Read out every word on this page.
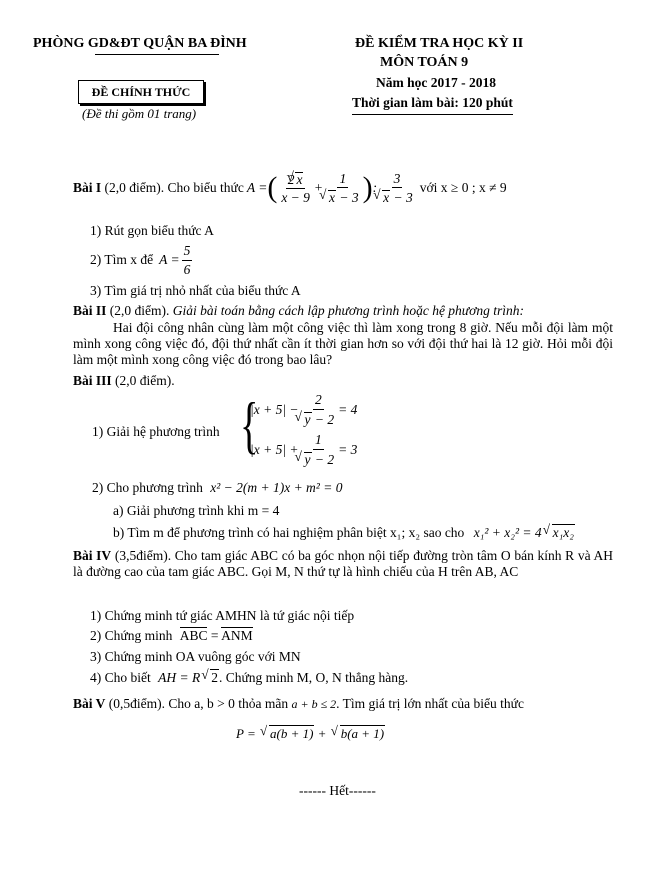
PHÒNG GD&ĐT QUẬN BA ĐÌNH
ĐỀ CHÍNH THỨC
(Đề thi gồm 01 trang)
ĐỀ KIỂM TRA HỌC KỲ II
MÔN TOÁN 9
Năm học 2017 - 2018
Thời gian làm bài: 120 phút
Bài I
(2,0 điểm). Cho biểu thức A = ( $\frac{2 √ x}{x - 9} + 1$
√ x − 3 ) : 3
√ x − 3 với x ≥ 0 ; x ≠ 9
1) Rút gọn biểu thức A
2) Tìm x để $A = \frac{5}{6}$
3) Tìm giá trị nhỏ nhất của biểu thức A
Bài II (2,0 điểm). Giải bài toán bằng cách lập phương trình hoặc hệ phương trình:
Hai đội công nhân cùng làm một công việc thì làm xong trong 8 giờ. Nếu mỗi đội làm một mình xong công việc đó, đội thứ nhất cần ít thời gian hơn so với đội thứ hai là 12 giờ. Hỏi mỗi đội làm một mình xong công việc đó trong bao lâu?
Bài III (2,0 điểm).
1) Giải hệ phương trình {
|x + 5| − 2
√ y − 2 = 4
|x + 5| + 1
√ y − 2 = 3
2) Cho phương trình x² − 2(m + 1)x + m² = 0
a) Giải phương trình khi m = 4
b) Tìm m để phương trình có hai nghiệm phân biệt x₁; x₂ sao cho x₁² + x₂² = 4 √ x₁x₂
Bài IV (3,5điểm). Cho tam giác ABC có ba góc nhọn nội tiếp đường tròn tâm O bán kính R và AH là đường cao của tam giác ABC. Gọi M, N thứ tự là hình chiếu của H trên AB, AC
1) Chứng minh tứ giác AMHN là tứ giác nội tiếp
2) Chứng minh ABC = ANM
3) Chứng minh OA vuông góc với MN
4) Cho biết AH = R √ 2. Chứng minh M, O, N thẳng hàng.
Bài V (0,5điểm). Cho a, b > 0 thỏa mãn a + b ≤ 2. Tìm giá trị lớn nhất của biểu thức
P = √ a(b + 1) + √ b(a + 1)
------ Hết------
